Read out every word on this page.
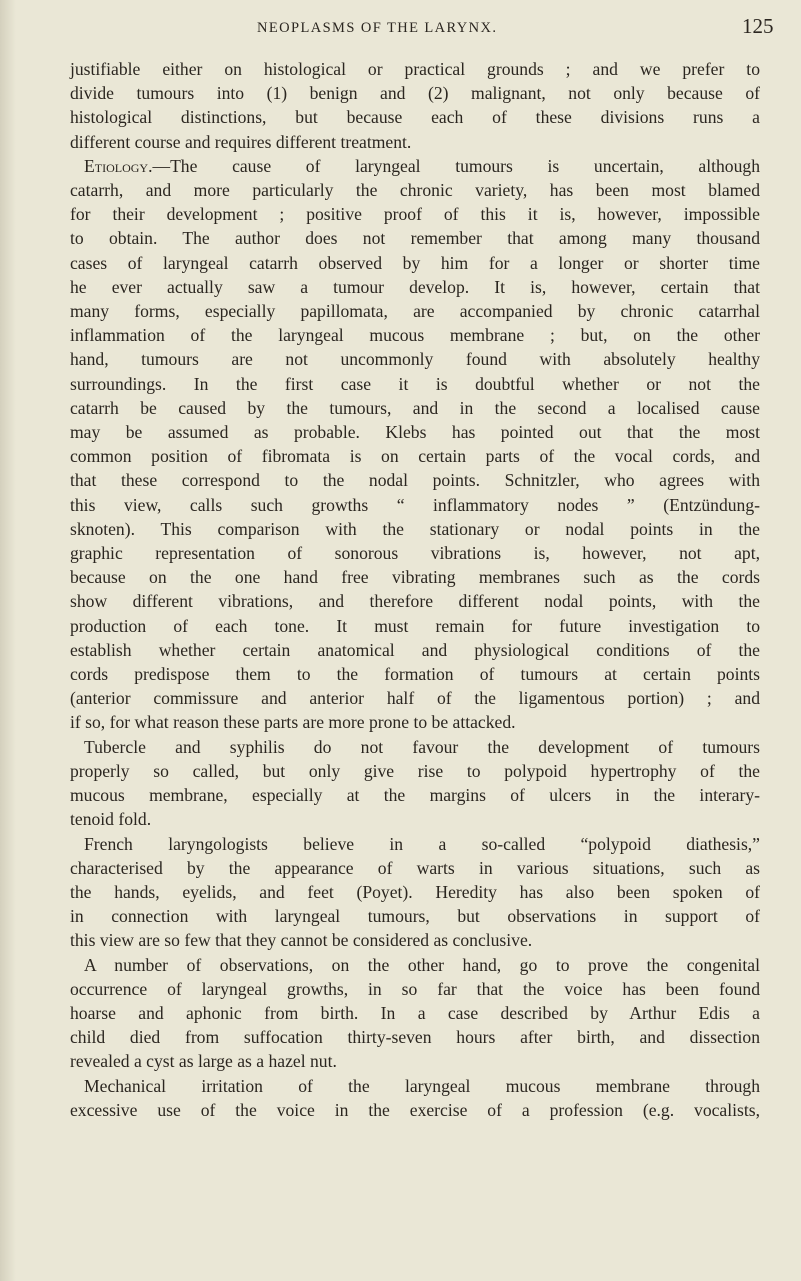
NEOPLASMS OF THE LARYNX.	125

justifiable either on histological or practical grounds ; and we prefer to

divide tumours into (1) benign and (2) malignant, not only because of

histological distinctions, but because each of these divisions runs a

different course and requires different treatment.

Etiology.—The cause of laryngeal tumours is uncertain, although

catarrh, and more particularly the chronic variety, has been most blamed

for their development ; positive proof of this it is, however, impossible

to obtain. The author does not remember that among many thousand

cases of laryngeal catarrh observed by him for a longer or shorter time

he ever actually saw a tumour develop. It is, however, certain that

many forms, especially papillomata, are accompanied by chronic catarrhal

inflammation of the laryngeal mucous membrane ; but, on the other

hand, tumours are not uncommonly found with absolutely healthy

surroundings. In the first case it is doubtful whether or not the

catarrh be caused by the tumours, and in the second a localised cause

may be assumed as probable. Klebs has pointed out that the most

common position of fibromata is on certain parts of the vocal cords, and

that these correspond to the nodal points. Schnitzler, who agrees with

this view, calls such growths “ inflammatory nodes ” (Entzündung-

sknoten). This comparison with the stationary or nodal points in the

graphic representation of sonorous vibrations is, however, not apt,

because on the one hand free vibrating membranes such as the cords

show different vibrations, and therefore different nodal points, with the

production of each tone. It must remain for future investigation to

establish whether certain anatomical and physiological conditions of the

cords predispose them to the formation of tumours at certain points

(anterior commissure and anterior half of the ligamentous portion) ; and

if so, for what reason these parts are more prone to be attacked.

Tubercle and syphilis do not favour the development of tumours

properly so called, but only give rise to polypoid hypertrophy of the

mucous membrane, especially at the margins of ulcers in the interary-

tenoid fold.

French laryngologists believe in a so-called “polypoid diathesis,”

characterised by the appearance of warts in various situations, such as

the hands, eyelids, and feet (Poyet). Heredity has also been spoken of

in connection with laryngeal tumours, but observations in support of

this view are so few that they cannot be considered as conclusive.

A number of observations, on the other hand, go to prove the congenital

occurrence of laryngeal growths, in so far that the voice has been found

hoarse and aphonic from birth. In a case described by Arthur Edis a

child died from suffocation thirty-seven hours after birth, and dissection

revealed a cyst as large as a hazel nut.

Mechanical irritation of the laryngeal mucous membrane through

excessive use of the voice in the exercise of a profession (e.g. vocalists,
